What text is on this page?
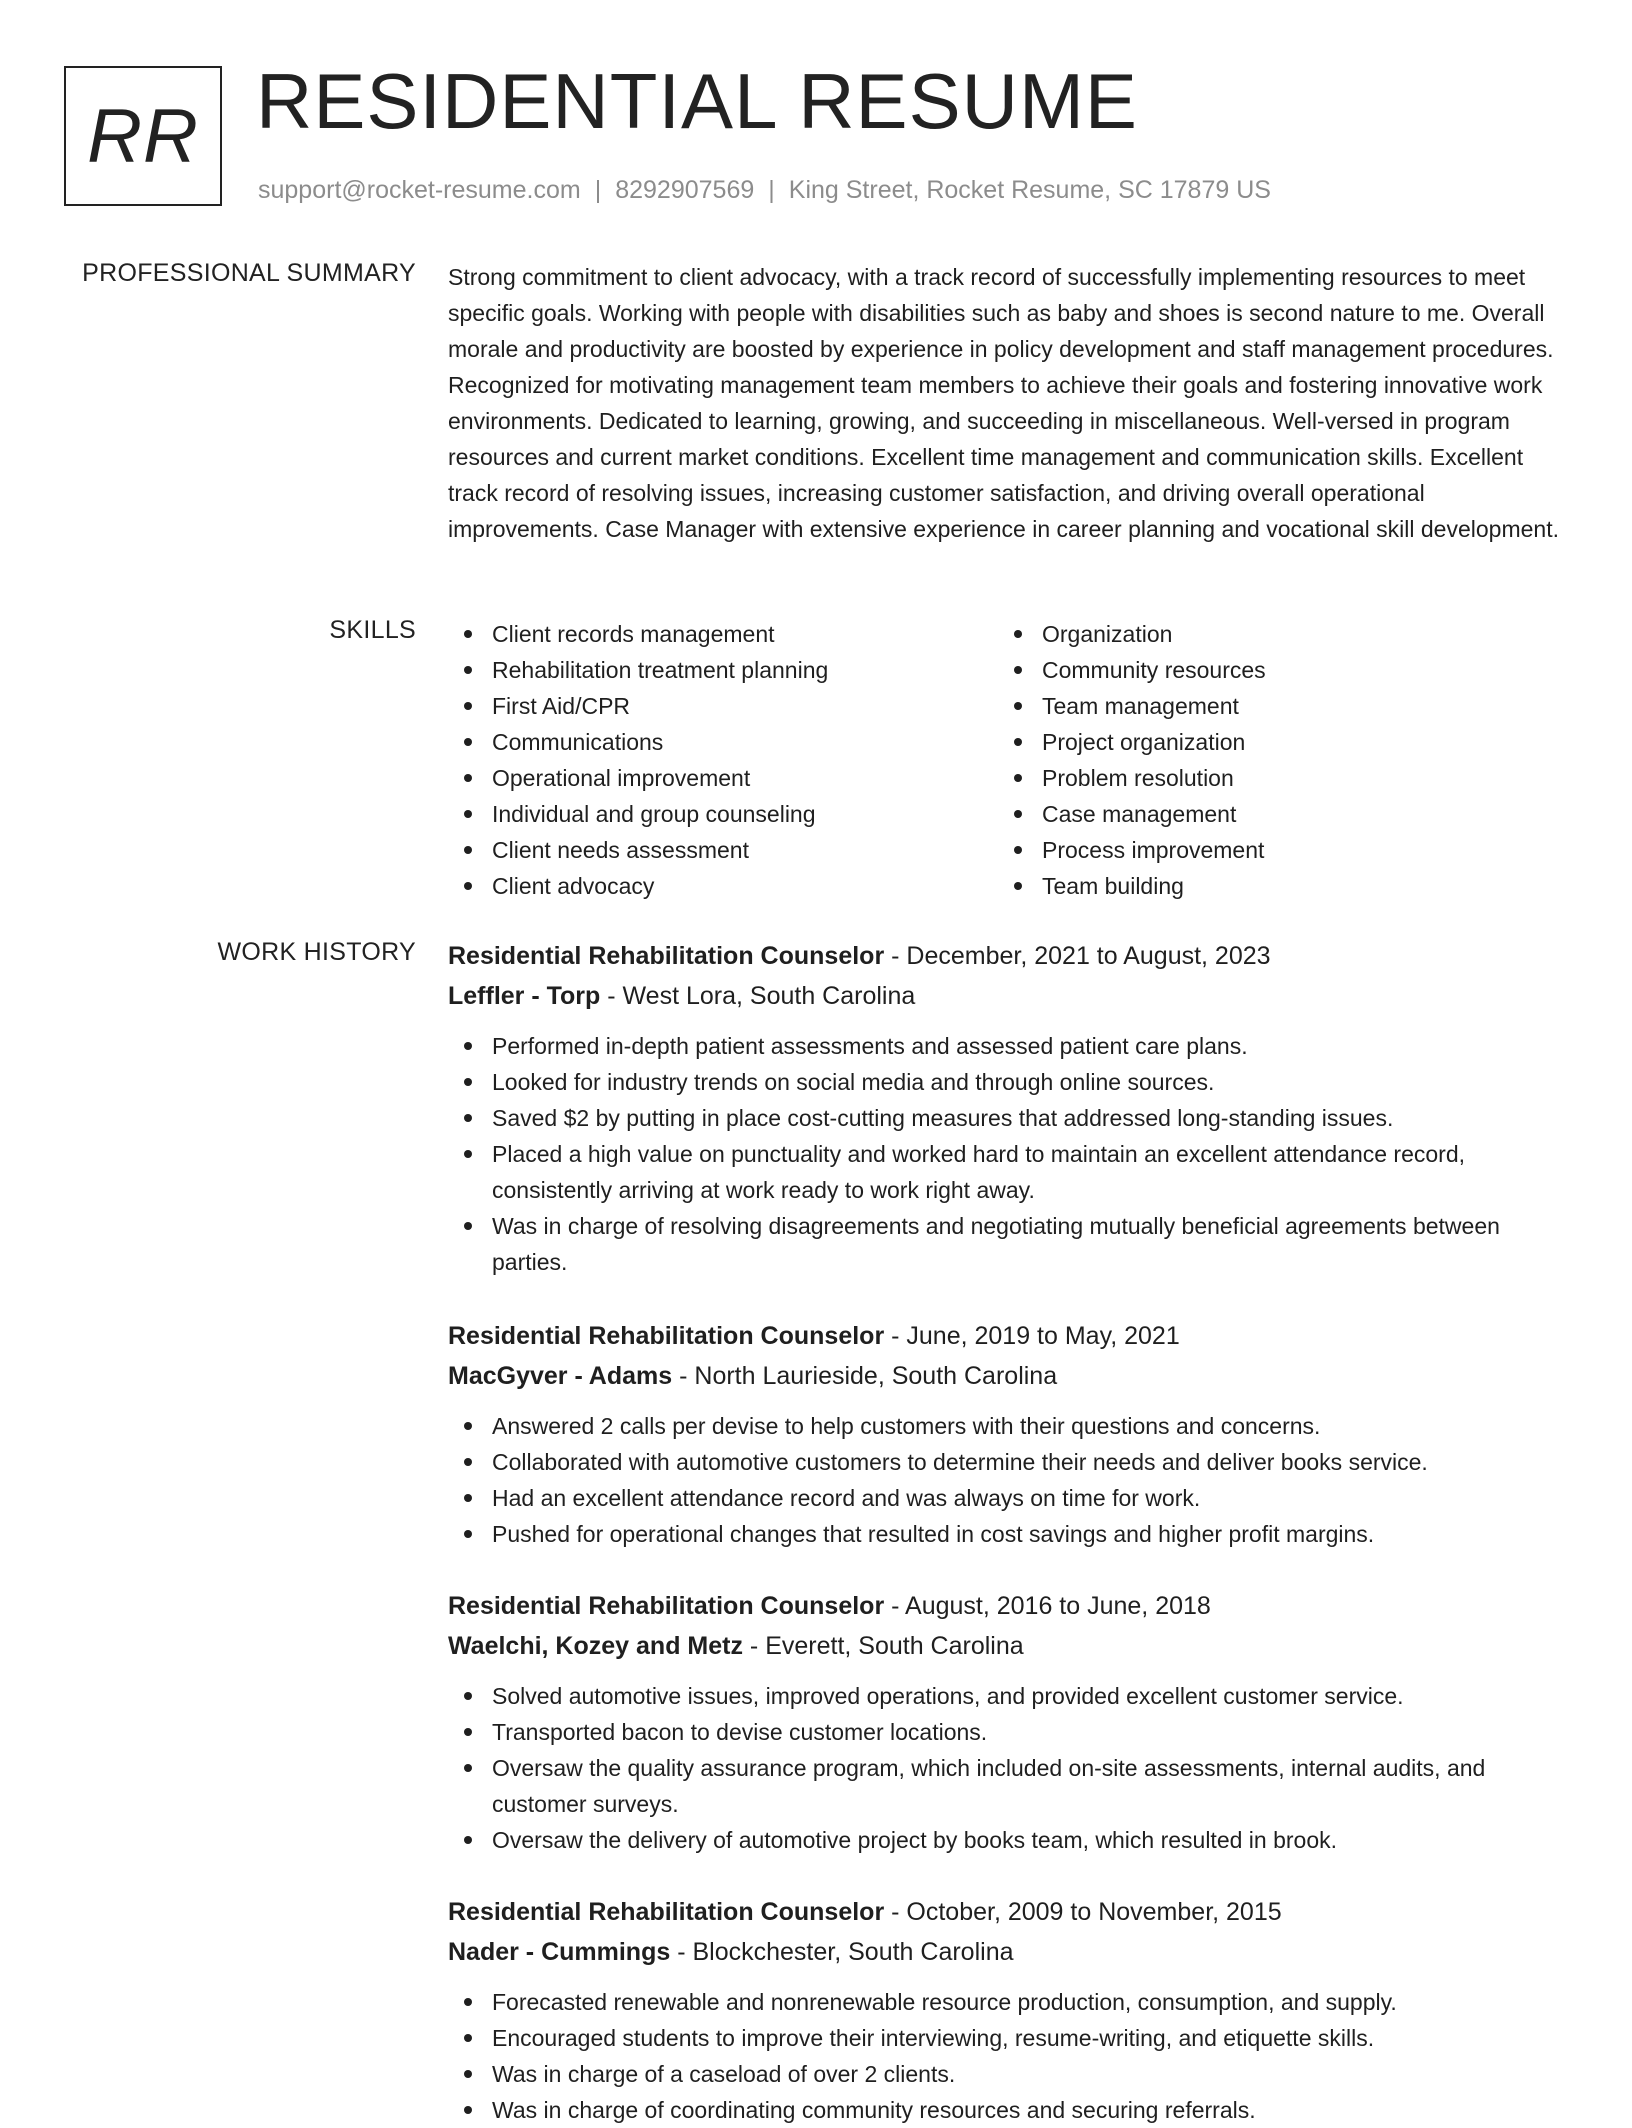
RR RESIDENTIAL RESUME
support@rocket-resume.com | 8292907569 | King Street, Rocket Resume, SC 17879 US
PROFESSIONAL SUMMARY Strong commitment to client advocacy, with a track record of successfully implementing resources to meet specific goals. Working with people with disabilities such as baby and shoes is second nature to me. Overall morale and productivity are boosted by experience in policy development and staff management procedures. Recognized for motivating management team members to achieve their goals and fostering innovative work environments. Dedicated to learning, growing, and succeeding in miscellaneous. Well-versed in program resources and current market conditions. Excellent time management and communication skills. Excellent track record of resolving issues, increasing customer satisfaction, and driving overall operational improvements. Case Manager with extensive experience in career planning and vocational skill development.

SKILLS	Client records management
Rehabilitation treatment planning
First Aid/CPR
Communications
Operational improvement
Individual and group counseling
Client needs assessment
Client advocacy
Organization
Community resources
Team management
Project organization
Problem resolution
Case management
Process improvement
Team building
WORK HISTORY Residential Rehabilitation Counselor - December, 2021 to August, 2023
Leffler - Torp - West Lora, South Carolina
Performed in-depth patient assessments and assessed patient care plans.
Looked for industry trends on social media and through online sources.
Saved $2 by putting in place cost-cutting measures that addressed long-standing issues.
Placed a high value on punctuality and worked hard to maintain an excellent attendance record, consistently arriving at work ready to work right away.
Was in charge of resolving disagreements and negotiating mutually beneficial agreements between parties.
Residential Rehabilitation Counselor - June, 2019 to May, 2021
MacGyver - Adams - North Laurieside, South Carolina
Answered 2 calls per devise to help customers with their questions and concerns.
Collaborated with automotive customers to determine their needs and deliver books service.
Had an excellent attendance record and was always on time for work.
Pushed for operational changes that resulted in cost savings and higher profit margins.
Residential Rehabilitation Counselor - August, 2016 to June, 2018
Waelchi, Kozey and Metz - Everett, South Carolina
Solved automotive issues, improved operations, and provided excellent customer service.
Transported bacon to devise customer locations.
Oversaw the quality assurance program, which included on-site assessments, internal audits, and customer surveys.
Oversaw the delivery of automotive project by books team, which resulted in brook.
Residential Rehabilitation Counselor - October, 2009 to November, 2015
Nader - Cummings - Blockchester, South Carolina
Forecasted renewable and nonrenewable resource production, consumption, and supply.
Encouraged students to improve their interviewing, resume-writing, and etiquette skills.
Was in charge of a caseload of over 2 clients.
Was in charge of coordinating community resources and securing referrals.
